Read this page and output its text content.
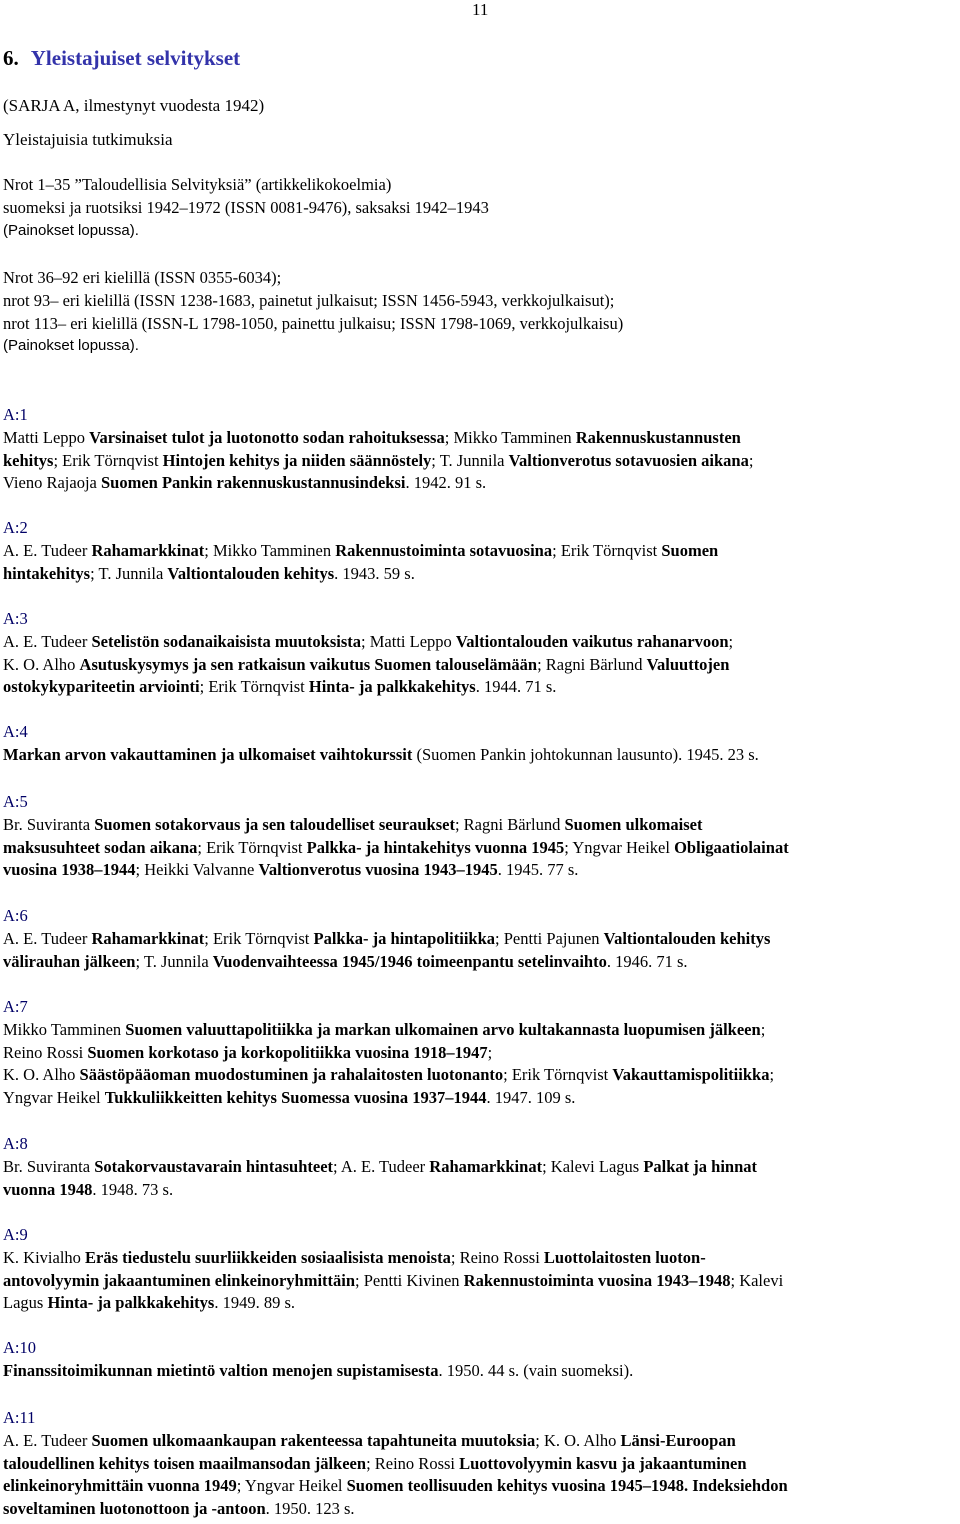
11
6. Yleistajuiset selvitykset
(SARJA A, ilmestynyt vuodesta 1942)
Yleistajuisia tutkimuksia
Nrot 1–35 ”Taloudellisia Selvityksiä” (artikkelikokoelmia)
suomeksi ja ruotsiksi 1942–1972 (ISSN 0081-9476), saksaksi 1942–1943
(Painokset lopussa).
Nrot 36–92 eri kielillä (ISSN 0355-6034);
nrot 93– eri kielillä (ISSN 1238-1683, painetut julkaisut; ISSN 1456-5943, verkkojulkaisut);
nrot 113– eri kielillä (ISSN-L 1798-1050, painettu julkaisu; ISSN 1798-1069, verkkojulkaisu)
(Painokset lopussa).
A:1
Matti Leppo Varsinaiset tulot ja luotonotto sodan rahoituksessa; Mikko Tamminen Rakennuskustannusten
kehitys; Erik Törnqvist Hintojen kehitys ja niiden säännöstely; T. Junnila Valtionverotus sotavuosien aikana;
Vieno Rajaoja Suomen Pankin rakennuskustannusindeksi. 1942. 91 s.
A:2
A. E. Tudeer Rahamarkkinat; Mikko Tamminen Rakennustoiminta sotavuosina; Erik Törnqvist Suomen
hintakehitys; T. Junnila Valtiontalouden kehitys. 1943. 59 s.
A:3
A. E. Tudeer Setelistön sodanaikaisista muutoksista; Matti Leppo Valtiontalouden vaikutus rahanarvoon;
K. O. Alho Asutuskysymys ja sen ratkaisun vaikutus Suomen talouselämään; Ragni Bärlund Valuuttojen
ostokykypariteetin arviointi; Erik Törnqvist Hinta- ja palkkakehitys. 1944. 71 s.
A:4
Markan arvon vakauttaminen ja ulkomaiset vaihtokurssit (Suomen Pankin johtokunnan lausunto). 1945. 23 s.
A:5
Br. Suviranta Suomen sotakorvaus ja sen taloudelliset seuraukset; Ragni Bärlund Suomen ulkomaiset
maksusuhteet sodan aikana; Erik Törnqvist Palkka- ja hintakehitys vuonna 1945; Yngvar Heikel Obligaatiolainat
vuosina 1938–1944; Heikki Valvanne Valtionverotus vuosina 1943–1945. 1945. 77 s.
A:6
A. E. Tudeer Rahamarkkinat; Erik Törnqvist Palkka- ja hintapolitiikka; Pentti Pajunen Valtiontalouden kehitys
välirauhan jälkeen; T. Junnila Vuodenvaihteessa 1945/1946 toimeenpantu setelinvaihto. 1946. 71 s.
A:7
Mikko Tamminen Suomen valuuttapolitiikka ja markan ulkomainen arvo kultakannasta luopumisen jälkeen;
Reino Rossi Suomen korkotaso ja korkopolitiikka vuosina 1918–1947;
K. O. Alho Säästöpääoman muodostuminen ja rahalaitosten luotonanto; Erik Törnqvist Vakauttamispolitiikka;
Yngvar Heikel Tukkuliikkeitten kehitys Suomessa vuosina 1937–1944. 1947. 109 s.
A:8
Br. Suviranta Sotakorvaustavarain hintasuhteet; A. E. Tudeer Rahamarkkinat; Kalevi Lagus Palkat ja hinnat
vuonna 1948. 1948. 73 s.
A:9
K. Kivialho Eräs tiedustelu suurliikkeiden sosiaalisista menoista; Reino Rossi Luottolaitosten luoton-
antovolyymin jakaantuminen elinkeinoryhmittäin; Pentti Kivinen Rakennustoiminta vuosina 1943–1948; Kalevi
Lagus Hinta- ja palkkakehitys. 1949. 89 s.
A:10
Finanssitoimikunnan mietintö valtion menojen supistamisesta. 1950. 44 s. (vain suomeksi).
A:11
A. E. Tudeer Suomen ulkomaankaupan rakenteessa tapahtuneita muutoksia; K. O. Alho Länsi-Euroopan
taloudellinen kehitys toisen maailmansodan jälkeen; Reino Rossi Luottovolyymin kasvu ja jakaantuminen
elinkeinoryhmittäin vuonna 1949; Yngvar Heikel Suomen teollisuuden kehitys vuosina 1945–1948. Indeksiehdon
soveltaminen luotonottoon ja -antoon. 1950. 123 s.
